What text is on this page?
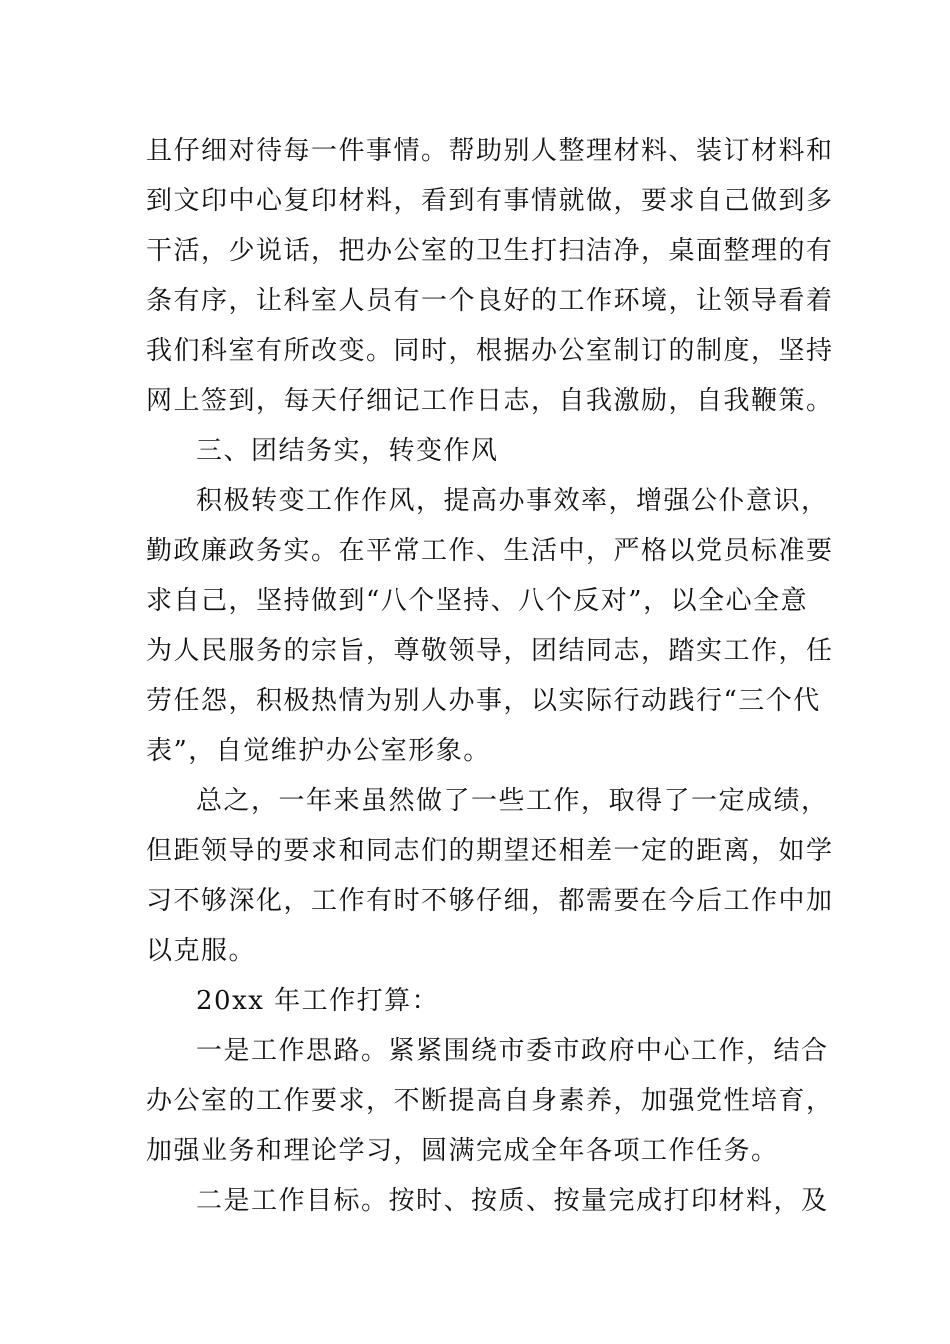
且仔细对待每一件事情。帮助别人整理材料、装订材料和
到文印中心复印材料，看到有事情就做，要求自己做到多
干活，少说话，把办公室的卫生打扫洁净，桌面整理的有
条有序，让科室人员有一个良好的工作环境，让领导看着
我们科室有所改变。同时，根据办公室制订的制度，坚持
网上签到，每天仔细记工作日志，自我激励，自我鞭策。
三、团结务实，转变作风
积极转变工作作风，提高办事效率，增强公仆意识，
勤政廉政务实。在平常工作、生活中，严格以党员标准要
求自己，坚持做到“八个坚持、八个反对”，以全心全意
为人民服务的宗旨，尊敬领导，团结同志，踏实工作，任
劳任怨，积极热情为别人办事，以实际行动践行“三个代
表”，自觉维护办公室形象。
总之，一年来虽然做了一些工作，取得了一定成绩，
但距领导的要求和同志们的期望还相差一定的距离，如学
习不够深化，工作有时不够仔细，都需要在今后工作中加
以克服。
20xx 年工作打算：
一是工作思路。紧紧围绕市委市政府中心工作，结合
办公室的工作要求，不断提高自身素养，加强党性培育，
加强业务和理论学习，圆满完成全年各项工作任务。
二是工作目标。按时、按质、按量完成打印材料，及
